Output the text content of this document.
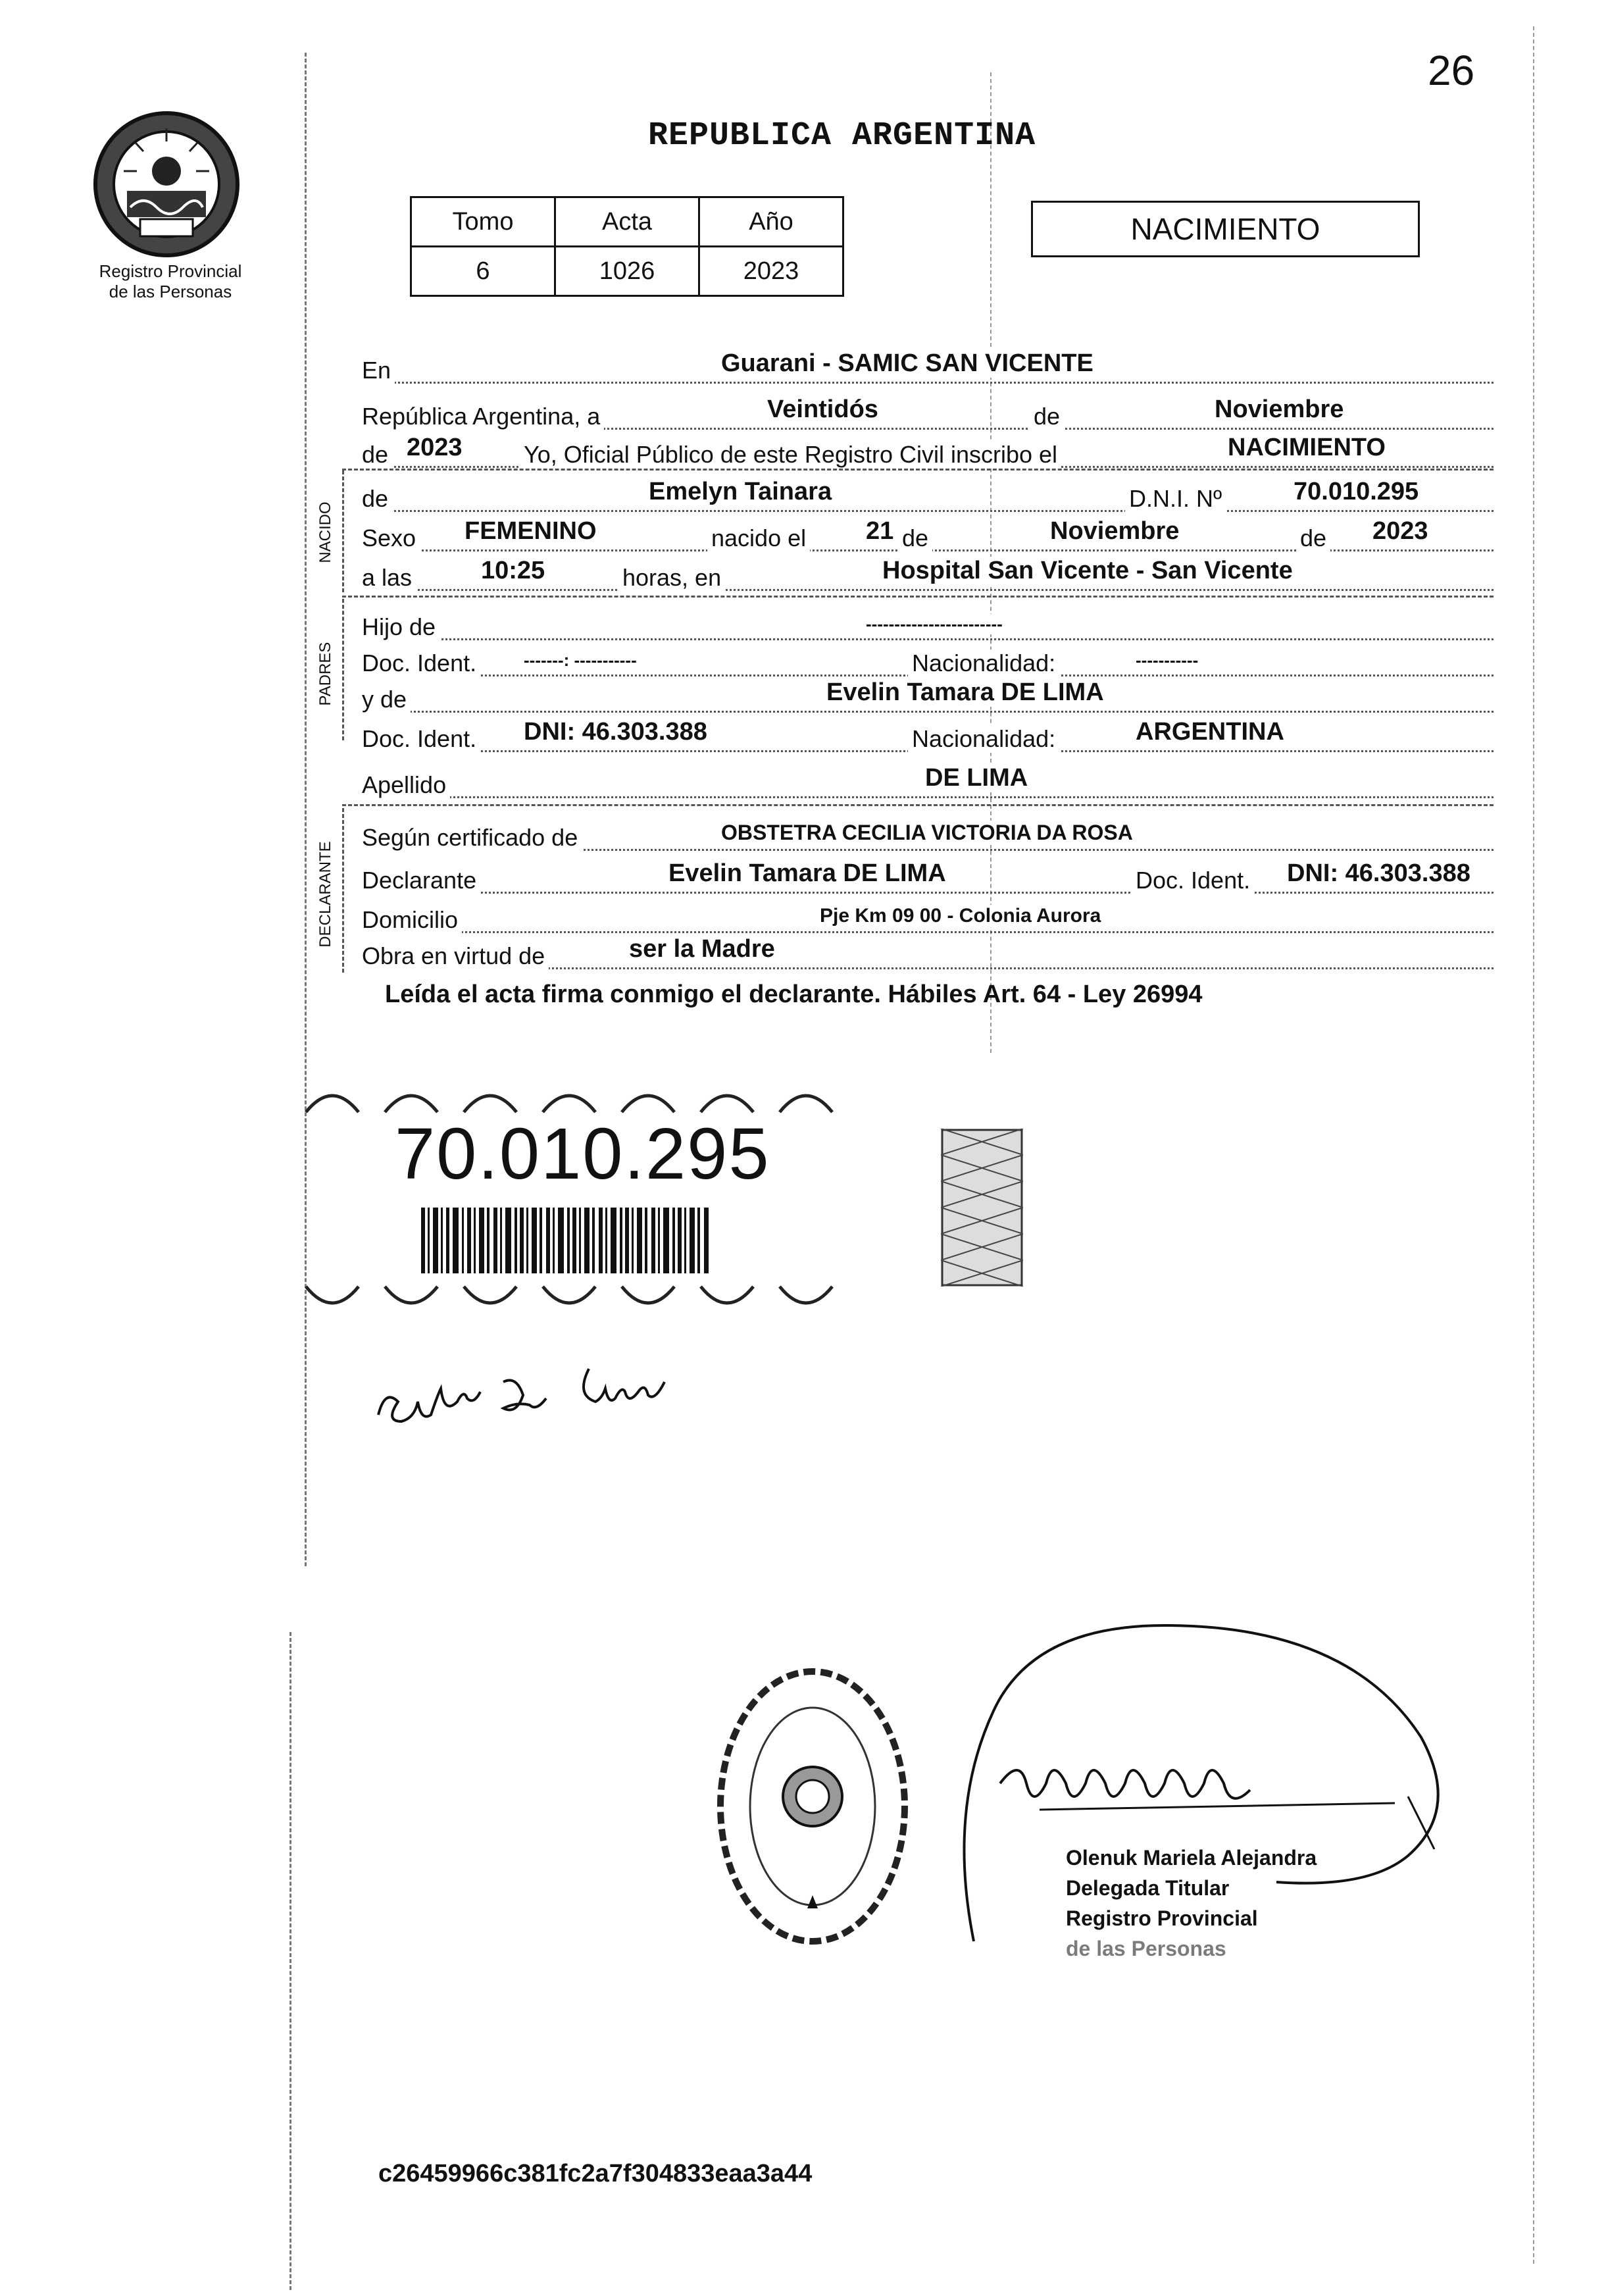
26
Registro Provincial
de las Personas
REPUBLICA ARGENTINA
Tomo	Acta	Año
6	1026	2023
NACIMIENTO
En	Guarani - SAMIC SAN VICENTE
República Argentina, a	Veintidós	de	Noviembre
de 2023	Yo, Oficial Público de este Registro Civil inscribo el	NACIMIENTO
NACIDO
de	Emelyn Tainara	D.N.I. Nº	70.010.295
Sexo FEMENINO	nacido el 21 de	Noviembre	de 2023
a las	10:25	horas, en	Hospital San Vicente - San Vicente
PADRES
Hijo de	------------------------
Doc. Ident.	-------: -----------	Nacionalidad:	-----------
y de	Evelin Tamara DE LIMA
Doc. Ident. DNI: 46.303.388	Nacionalidad:	ARGENTINA
Apellido	DE LIMA
DECLARANTE
Según certificado de	OBSTETRA CECILIA VICTORIA DA ROSA
Declarante	Evelin Tamara DE LIMA	Doc. Ident. DNI: 46.303.388
Domicilio	Pje Km 09 00 - Colonia Aurora
Obra en virtud de	ser la Madre
Leída el acta firma conmigo el declarante. Hábiles Art. 64 - Ley 26994
70.010.295
Olenuk Mariela Alejandra
Delegada Titular
Registro Provincial
de las Personas
c26459966c381fc2a7f304833eaa3a44
